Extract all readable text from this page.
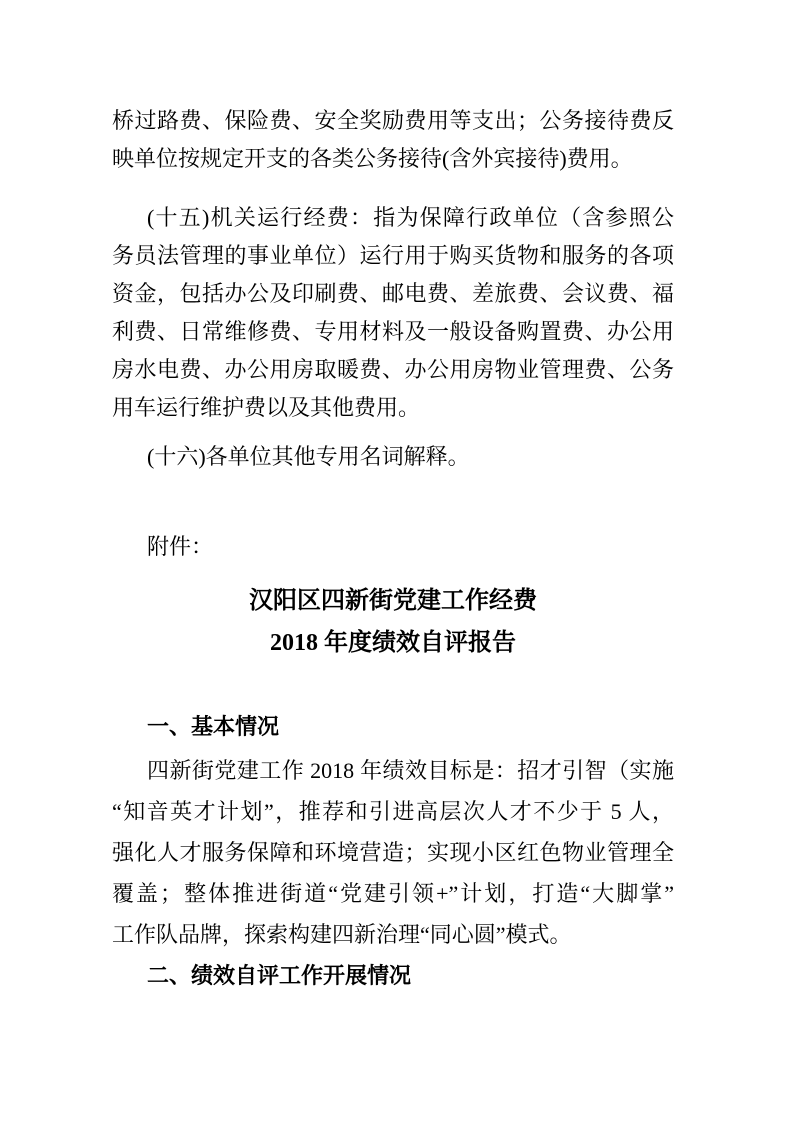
桥过路费、保险费、安全奖励费用等支出；公务接待费反
映单位按规定开支的各类公务接待(含外宾接待)费用。
(十五)机关运行经费：指为保障行政单位（含参照公
务员法管理的事业单位）运行用于购买货物和服务的各项
资金，包括办公及印刷费、邮电费、差旅费、会议费、福
利费、日常维修费、专用材料及一般设备购置费、办公用
房水电费、办公用房取暖费、办公用房物业管理费、公务
用车运行维护费以及其他费用。
(十六)各单位其他专用名词解释。
附件：
汉阳区四新街党建工作经费
2018 年度绩效自评报告
一、基本情况
四新街党建工作 2018 年绩效目标是：招才引智（实施
“知音英才计划”，推荐和引进高层次人才不少于 5 人，
强化人才服务保障和环境营造；实现小区红色物业管理全
覆盖；整体推进街道“党建引领+”计划，打造“大脚掌”
工作队品牌，探索构建四新治理“同心圆”模式。
二、绩效自评工作开展情况
